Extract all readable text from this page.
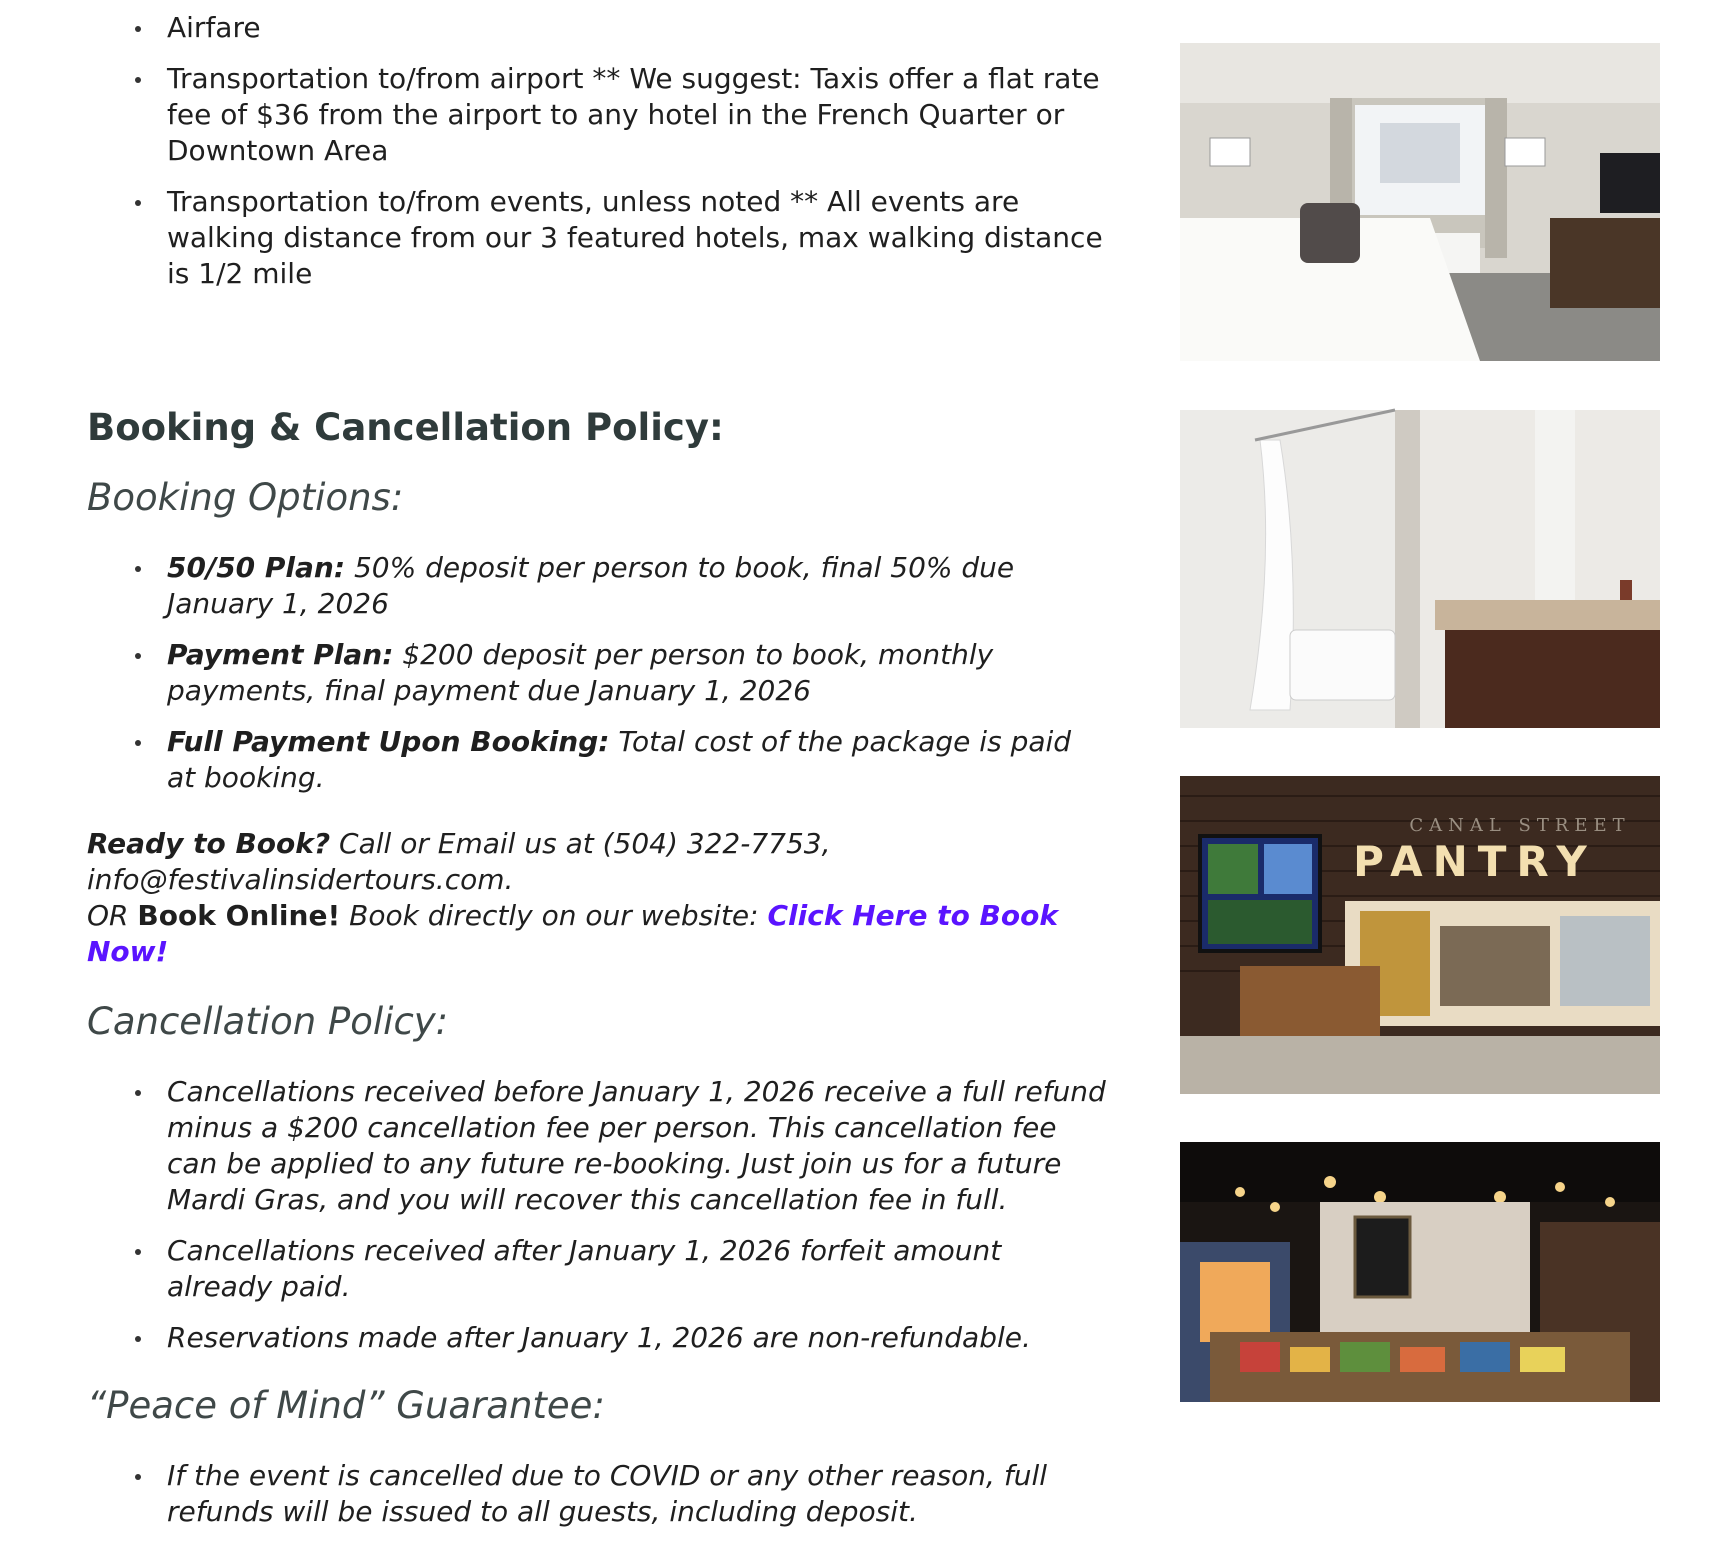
Airfare
Transportation to/from airport ** We suggest: Taxis offer a flat rate fee of $36 from the airport to any hotel in the French Quarter or Downtown Area
Transportation to/from events, unless noted ** All events are walking distance from our 3 featured hotels, max walking distance is 1/2 mile
Booking & Cancellation Policy:
Booking Options:
50/50 Plan: 50% deposit per person to book, final 50% due January 1, 2026
Payment Plan: $200 deposit per person to book, monthly payments, final payment due January 1, 2026
Full Payment Upon Booking: Total cost of the package is paid at booking.

Ready to Book? Call or Email us at (504) 322-7753, info@festivalinsidertours.com.
OR Book Online! Book directly on our website: Click Here to Book Now!

Cancellation Policy:
Cancellations received before January 1, 2026 receive a full refund minus a $200 cancellation fee per person. This cancellation fee can be applied to any future re-booking. Just join us for a future Mardi Gras, and you will recover this cancellation fee in full.
Cancellations received after January 1, 2026 forfeit amount already paid.
Reservations made after January 1, 2026 are non-refundable.
“Peace of Mind” Guarantee:
If the event is cancelled due to COVID or any other reason, full refunds will be issued to all guests, including deposit.
CANAL STREET
PANTRY
